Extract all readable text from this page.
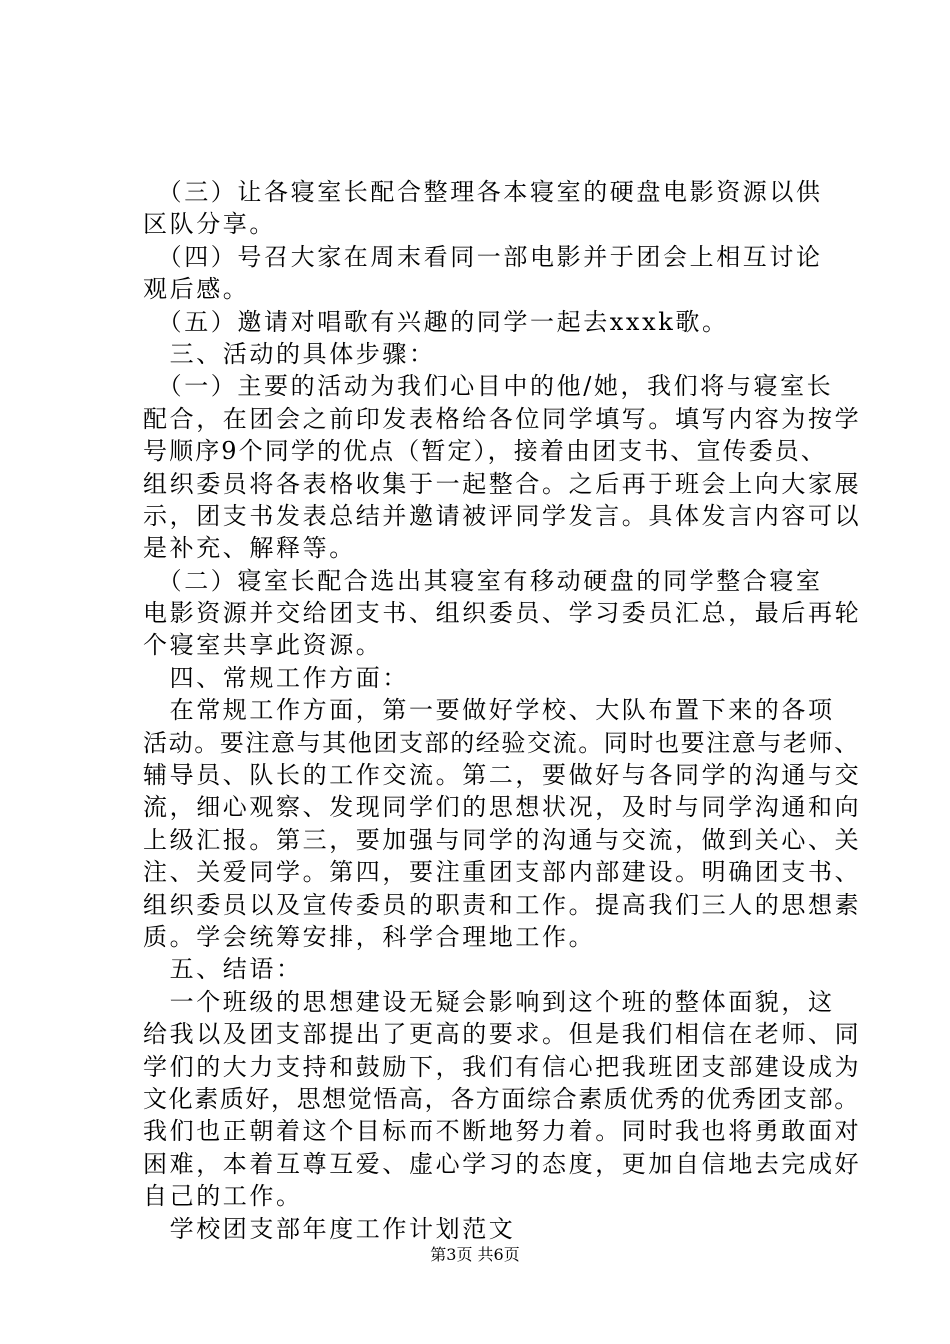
　（三）让各寝室长配合整理各本寝室的硬盘电影资源以供
区队分享。
　（四）号召大家在周末看同一部电影并于团会上相互讨论
观后感。
　（五）邀请对唱歌有兴趣的同学一起去xxxk歌。
　三、活动的具体步骤：
　（一）主要的活动为我们心目中的他/她，我们将与寝室长
配合，在团会之前印发表格给各位同学填写。填写内容为按学
号顺序9个同学的优点（暂定），接着由团支书、宣传委员、
组织委员将各表格收集于一起整合。之后再于班会上向大家展
示，团支书发表总结并邀请被评同学发言。具体发言内容可以
是补充、解释等。
　（二）寝室长配合选出其寝室有移动硬盘的同学整合寝室
电影资源并交给团支书、组织委员、学习委员汇总，最后再轮
个寝室共享此资源。
　四、常规工作方面：
　在常规工作方面，第一要做好学校、大队布置下来的各项
活动。要注意与其他团支部的经验交流。同时也要注意与老师、
辅导员、队长的工作交流。第二，要做好与各同学的沟通与交
流，细心观察、发现同学们的思想状况，及时与同学沟通和向
上级汇报。第三，要加强与同学的沟通与交流，做到关心、关
注、关爱同学。第四，要注重团支部内部建设。明确团支书、
组织委员以及宣传委员的职责和工作。提高我们三人的思想素
质。学会统筹安排，科学合理地工作。
　五、结语：
　一个班级的思想建设无疑会影响到这个班的整体面貌，这
给我以及团支部提出了更高的要求。但是我们相信在老师、同
学们的大力支持和鼓励下，我们有信心把我班团支部建设成为
文化素质好，思想觉悟高，各方面综合素质优秀的优秀团支部。
我们也正朝着这个目标而不断地努力着。同时我也将勇敢面对
困难，本着互尊互爱、虚心学习的态度，更加自信地去完成好
自己的工作。
　学校团支部年度工作计划范文
第3页 共6页
